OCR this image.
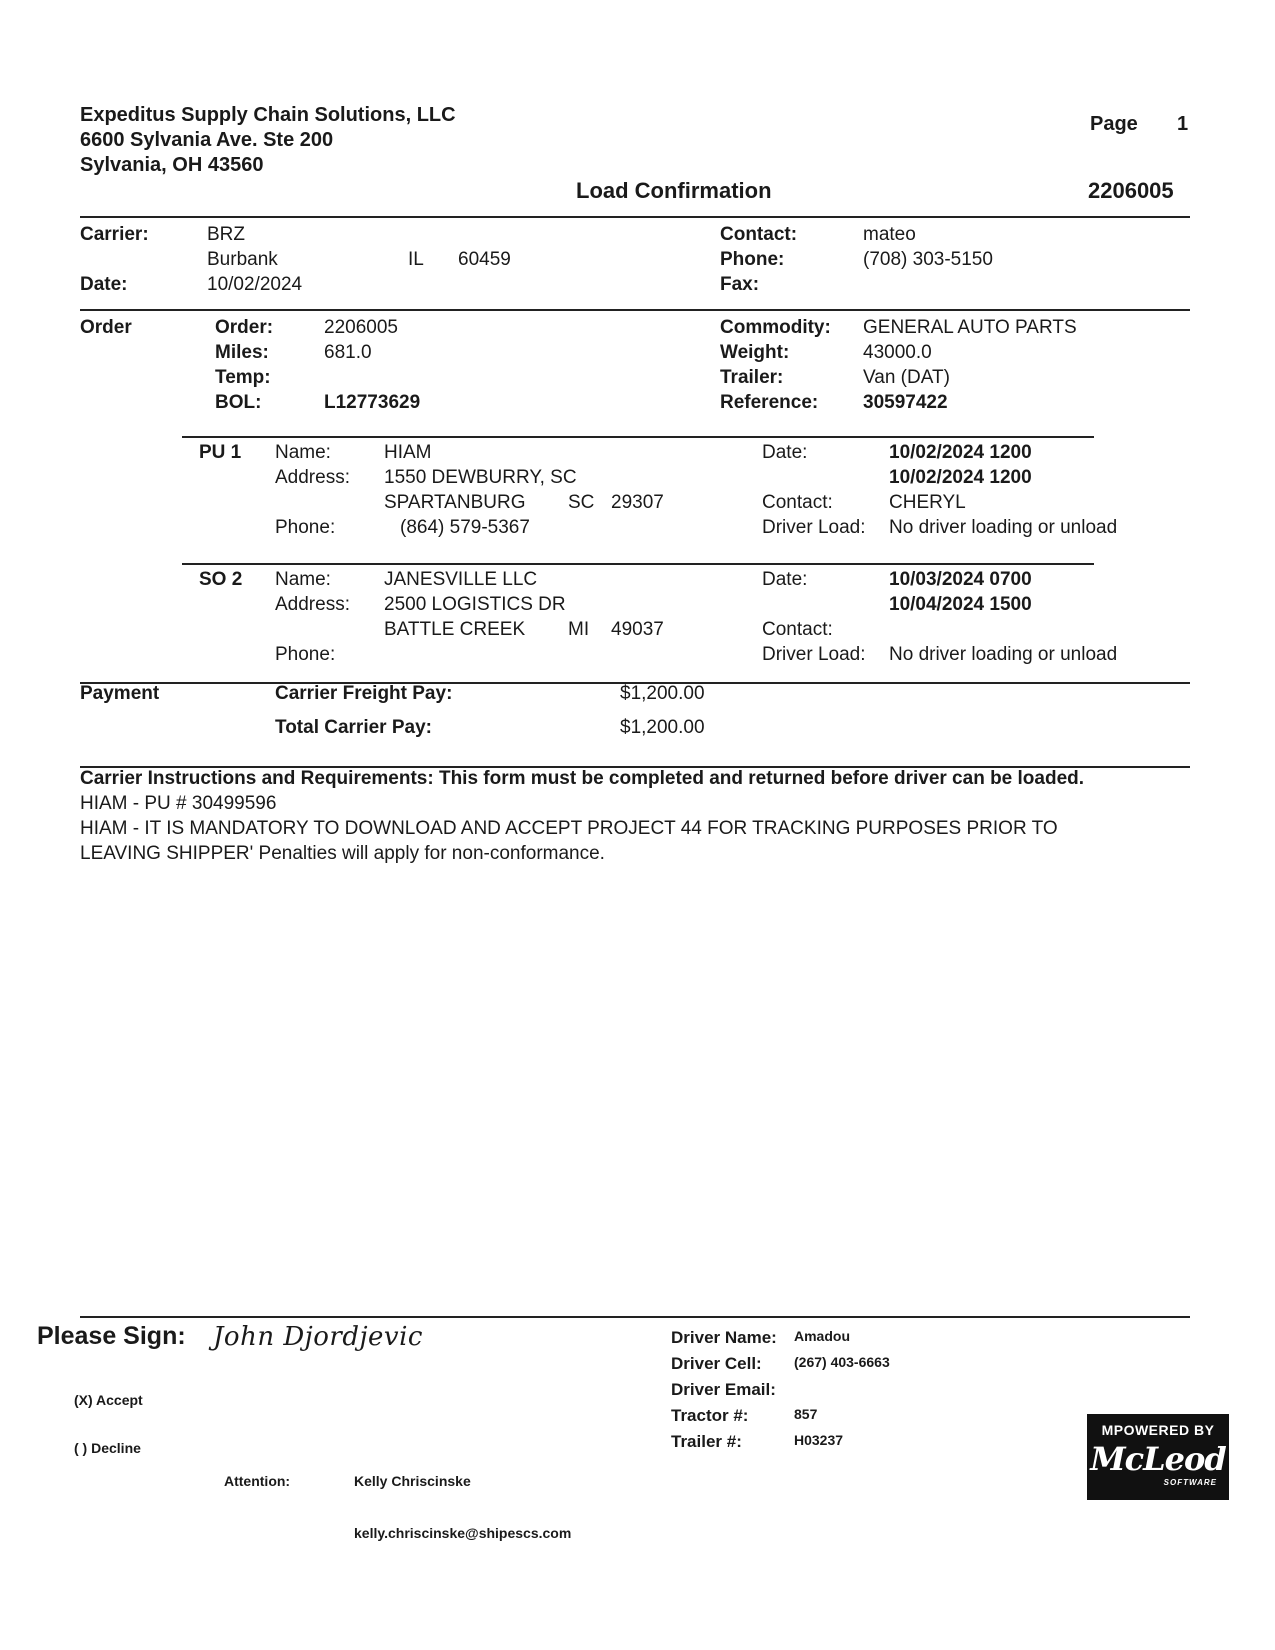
Expeditus Supply Chain Solutions, LLC
6600 Sylvania Ave. Ste 200
Sylvania, OH 43560
Page 1
Load Confirmation	2206005
Carrier:	BRZ
Burbank	IL 60459
Date:	10/02/2024
Contact:	mateo
Phone:	(708) 303-5150
Fax:
Order	Order:	2206005
Miles:	681.0
Temp:
BOL:	L12773629
Commodity: GENERAL AUTO PARTS
Weight:	43000.0
Trailer:	Van (DAT)
Reference: 30597422
PU 1 Name:	HIAM
Address: 1550 DEWBURRY, SC
SPARTANBURG SC 29307
Phone:	(864) 579-5367
Date:	10/02/2024 1200
10/02/2024 1200
Contact:	CHERYL
Driver Load: No driver loading or unload
SO 2 Name:	JANESVILLE LLC
Address: 2500 LOGISTICS DR
BATTLE CREEK MI 49037
Phone:
Date:	10/03/2024 0700
10/04/2024 1500
Contact:
Driver Load: No driver loading or unload
Payment	Carrier Freight Pay:	$1,200.00
Total Carrier Pay:	$1,200.00
Carrier Instructions and Requirements: This form must be completed and returned before driver can be loaded.
HIAM - PU # 30499596
HIAM - IT IS MANDATORY TO DOWNLOAD AND ACCEPT PROJECT 44 FOR TRACKING PURPOSES PRIOR TO
LEAVING SHIPPER' Penalties will apply for non-conformance.
Please Sign: John Djordjevic
(X) Accept
( ) Decline
Attention:	Kelly Chriscinske
kelly.chriscinske@shipescs.com
Driver Name: Amadou
Driver Cell: (267) 403-6663
Driver Email:
Tractor #:	857
Trailer #:	H03237
MPOWERED BY
McLeod
SOFTWARE
